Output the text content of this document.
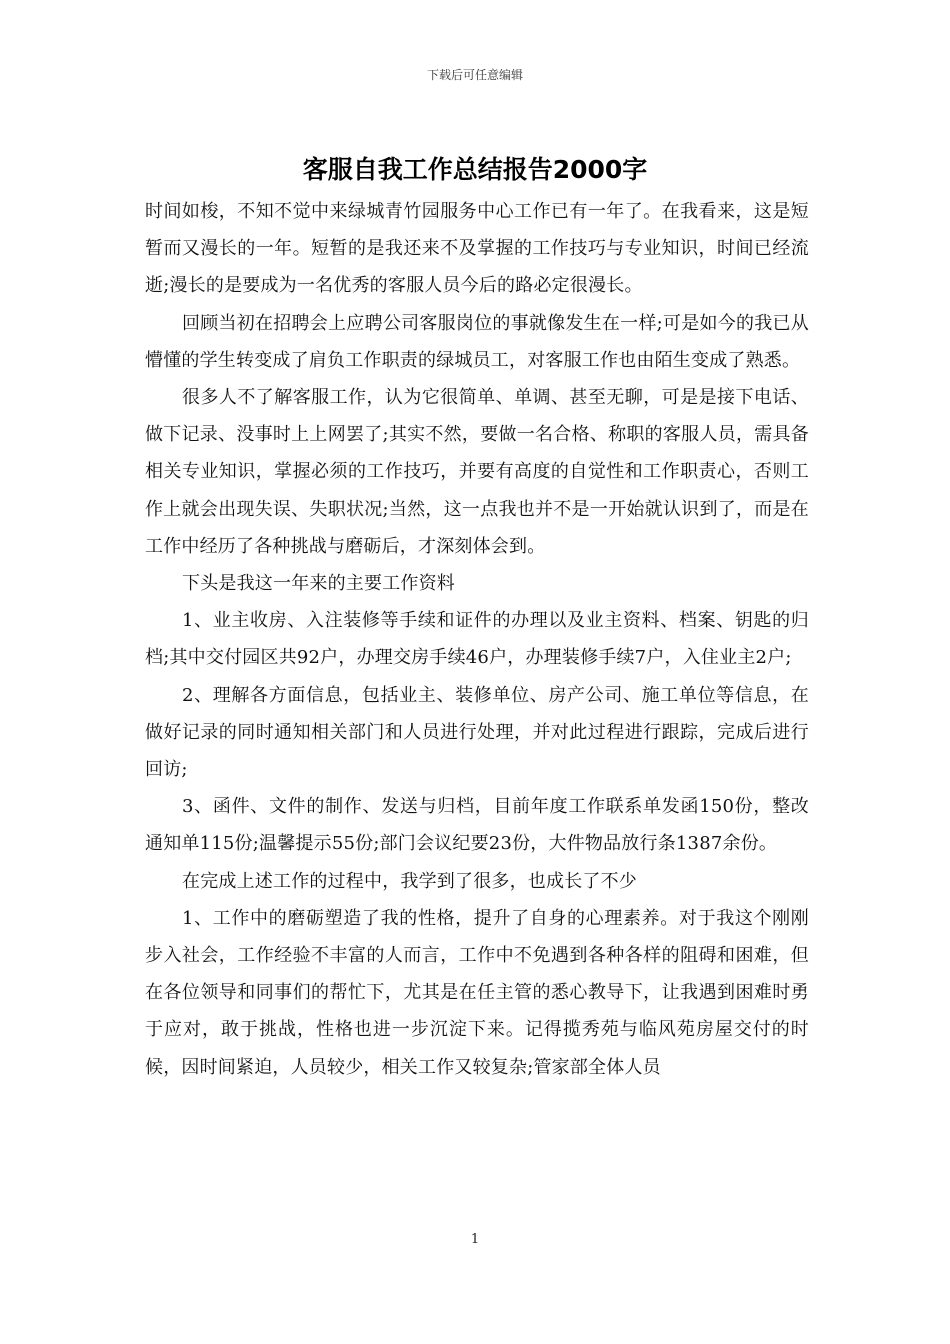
下载后可任意编辑
客服自我工作总结报告2000字

时间如梭，不知不觉中来绿城青竹园服务中心工作已有一年了。在我看来，这是短暂而又漫长的一年。短暂的是我还来不及掌握的工作技巧与专业知识，时间已经流逝;漫长的是要成为一名优秀的客服人员今后的路必定很漫长。

回顾当初在招聘会上应聘公司客服岗位的事就像发生在一样;可是如今的我已从懵懂的学生转变成了肩负工作职责的绿城员工，对客服工作也由陌生变成了熟悉。

很多人不了解客服工作，认为它很简单、单调、甚至无聊，可是是接下电话、做下记录、没事时上上网罢了;其实不然，要做一名合格、称职的客服人员，需具备相关专业知识，掌握必须的工作技巧，并要有高度的自觉性和工作职责心，否则工作上就会出现失误、失职状况;当然，这一点我也并不是一开始就认识到了，而是在工作中经历了各种挑战与磨砺后，才深刻体会到。

下头是我这一年来的主要工作资料

1、业主收房、入注装修等手续和证件的办理以及业主资料、档案、钥匙的归档;其中交付园区共92户，办理交房手续46户，办理装修手续7户，入住业主2户;

2、理解各方面信息，包括业主、装修单位、房产公司、施工单位等信息，在做好记录的同时通知相关部门和人员进行处理，并对此过程进行跟踪，完成后进行回访;

3、函件、文件的制作、发送与归档，目前年度工作联系单发函150份，整改通知单115份;温馨提示55份;部门会议纪要23份，大件物品放行条1387余份。

在完成上述工作的过程中，我学到了很多，也成长了不少

1、工作中的磨砺塑造了我的性格，提升了自身的心理素养。对于我这个刚刚步入社会，工作经验不丰富的人而言，工作中不免遇到各种各样的阻碍和困难，但在各位领导和同事们的帮忙下，尤其是在任主管的悉心教导下，让我遇到困难时勇于应对，敢于挑战，性格也进一步沉淀下来。记得揽秀苑与临风苑房屋交付的时候，因时间紧迫，人员较少，相关工作又较复杂;管家部全体人员

1
